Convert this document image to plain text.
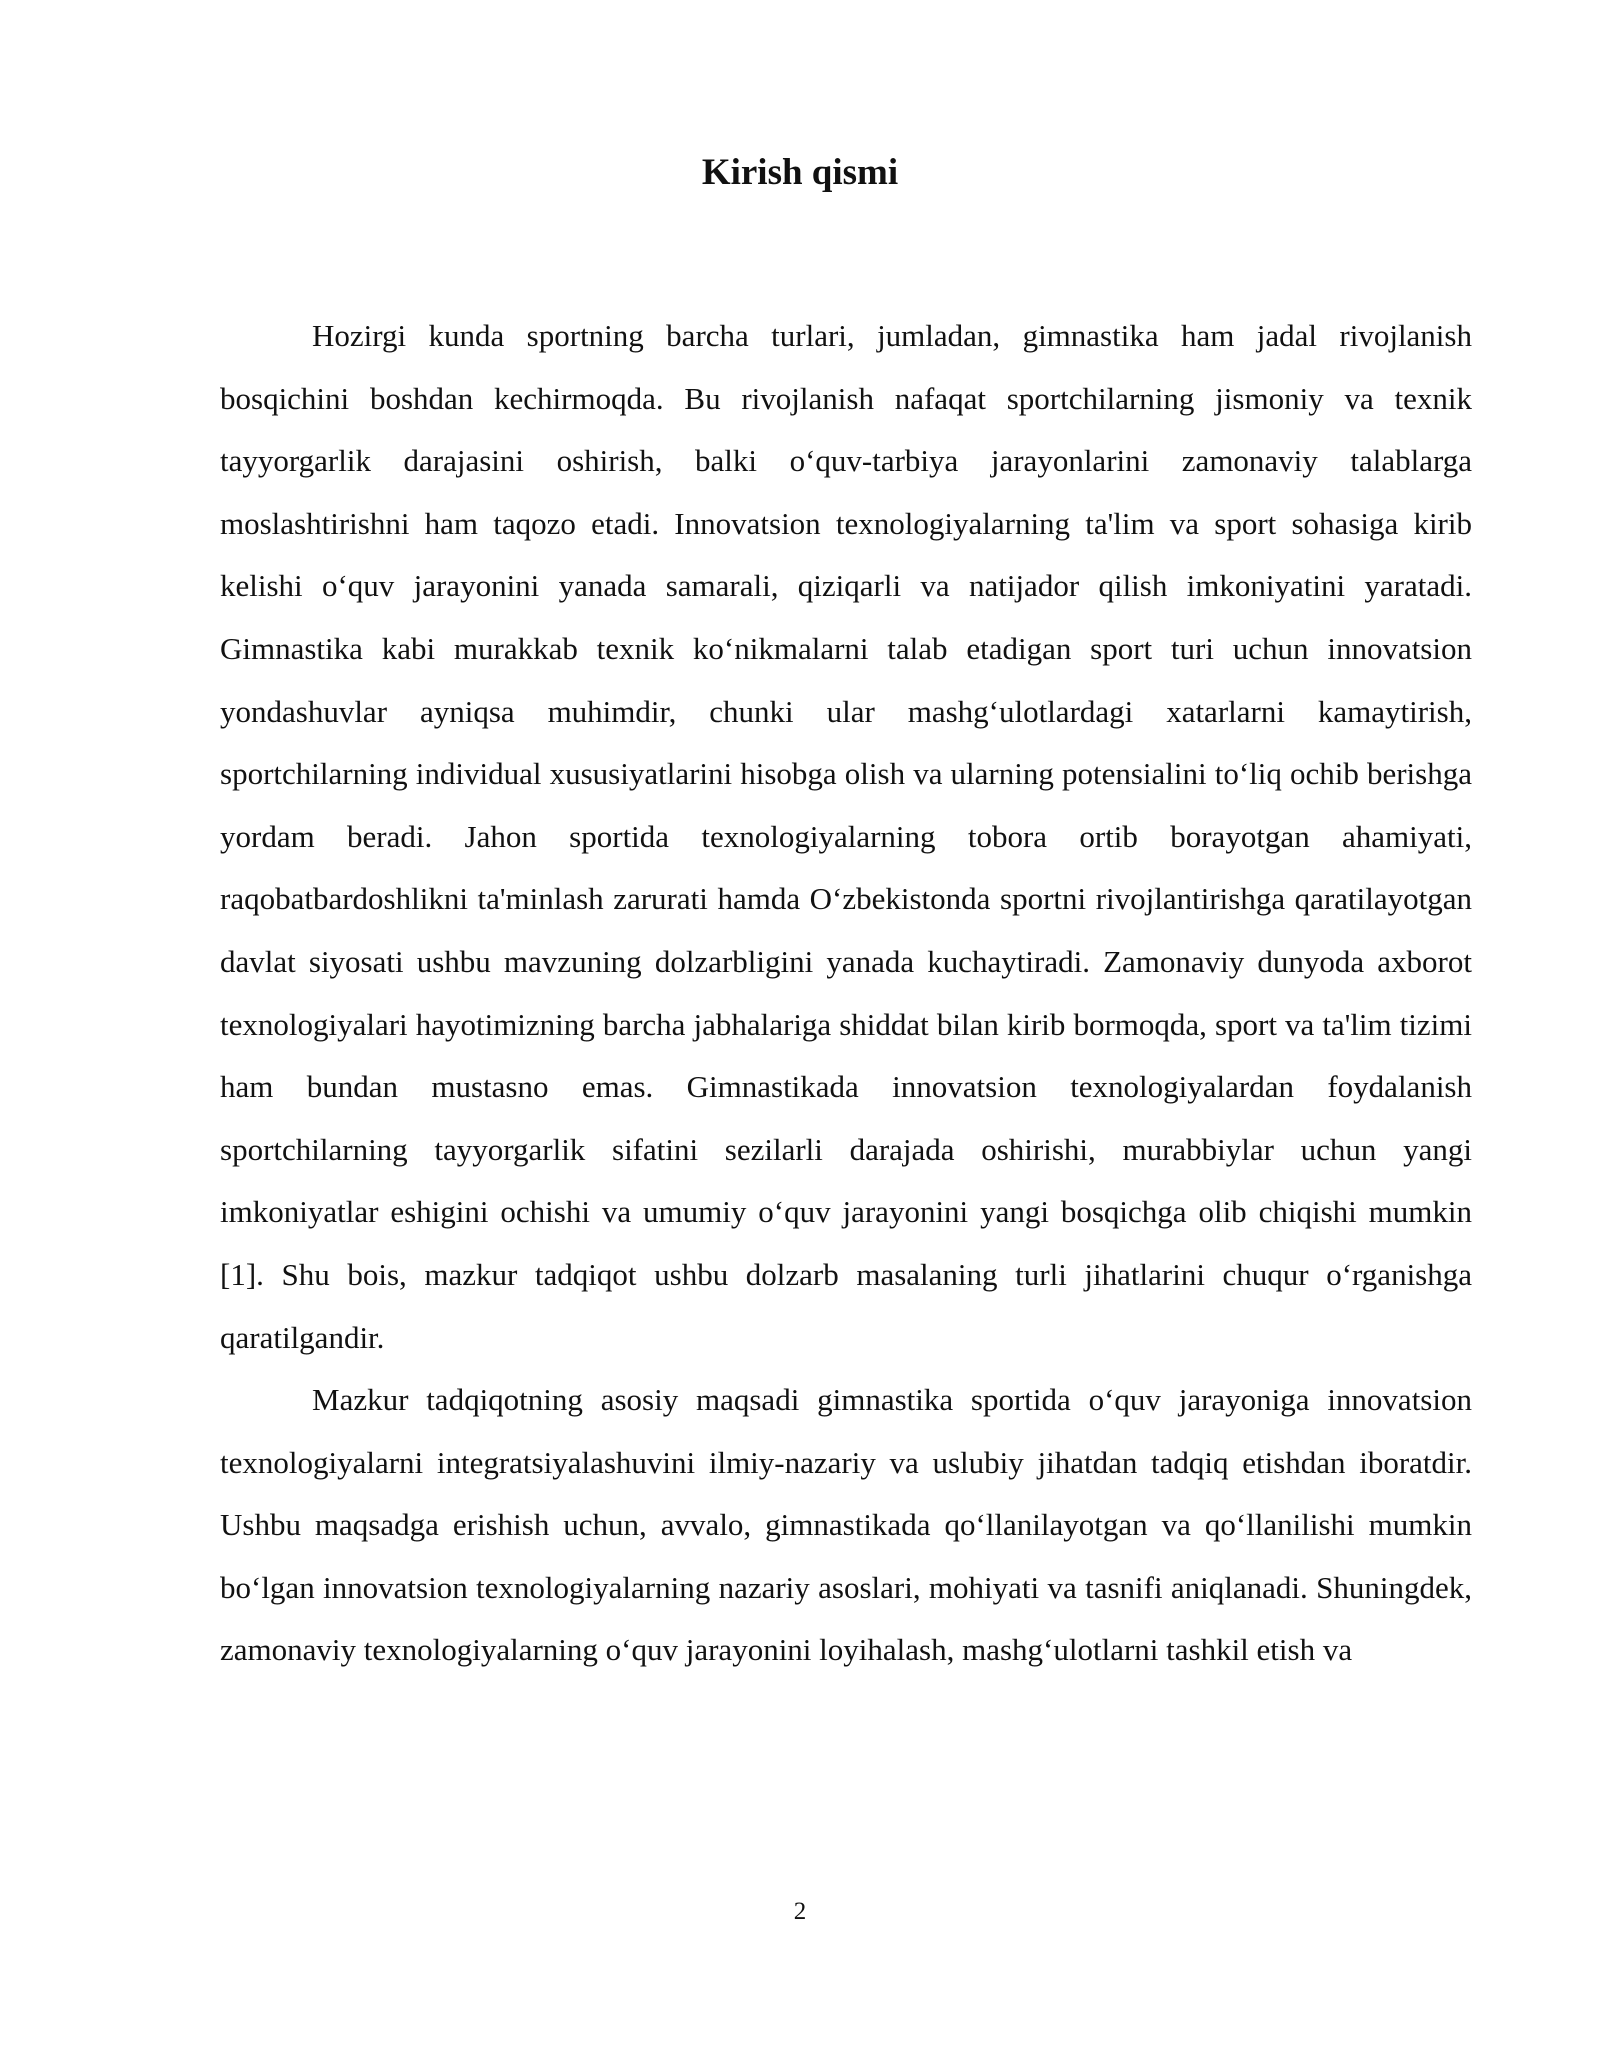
Kirish qismi

Hozirgi kunda sportning barcha turlari, jumladan, gimnastika ham jadal rivojlanish bosqichini boshdan kechirmoqda. Bu rivojlanish nafaqat sportchilarning jismoniy va texnik tayyorgarlik darajasini oshirish, balki o‘quv-tarbiya jarayonlarini zamonaviy talablarga moslashtirishni ham taqozo etadi. Innovatsion texnologiyalarning ta'lim va sport sohasiga kirib kelishi o‘quv jarayonini yanada samarali, qiziqarli va natijador qilish imkoniyatini yaratadi. Gimnastika kabi murakkab texnik ko‘nikmalarni talab etadigan sport turi uchun innovatsion yondashuvlar ayniqsa muhimdir, chunki ular mashg‘ulotlardagi xatarlarni kamaytirish, sportchilarning individual xususiyatlarini hisobga olish va ularning potensialini to‘liq ochib berishga yordam beradi. Jahon sportida texnologiyalarning tobora ortib borayotgan ahamiyati, raqobatbardoshlikni ta'minlash zarurati hamda O‘zbekistonda sportni rivojlantirishga qaratilayotgan davlat siyosati ushbu mavzuning dolzarbligini yanada kuchaytiradi. Zamonaviy dunyoda axborot texnologiyalari hayotimizning barcha jabhalariga shiddat bilan kirib bormoqda, sport va ta'lim tizimi ham bundan mustasno emas. Gimnastikada innovatsion texnologiyalardan foydalanish sportchilarning tayyorgarlik sifatini sezilarli darajada oshirishi, murabbiylar uchun yangi imkoniyatlar eshigini ochishi va umumiy o‘quv jarayonini yangi bosqichga olib chiqishi mumkin [1]. Shu bois, mazkur tadqiqot ushbu dolzarb masalaning turli jihatlarini chuqur o‘rganishga qaratilgandir.

Mazkur tadqiqotning asosiy maqsadi gimnastika sportida o‘quv jarayoniga innovatsion texnologiyalarni integratsiyalashuvini ilmiy-nazariy va uslubiy jihatdan tadqiq etishdan iboratdir. Ushbu maqsadga erishish uchun, avvalo, gimnastikada qo‘llanilayotgan va qo‘llanilishi mumkin bo‘lgan innovatsion texnologiyalarning nazariy asoslari, mohiyati va tasnifi aniqlanadi. Shuningdek, zamonaviy texnologiyalarning o‘quv jarayonini loyihalash, mashg‘ulotlarni tashkil etish va

2
